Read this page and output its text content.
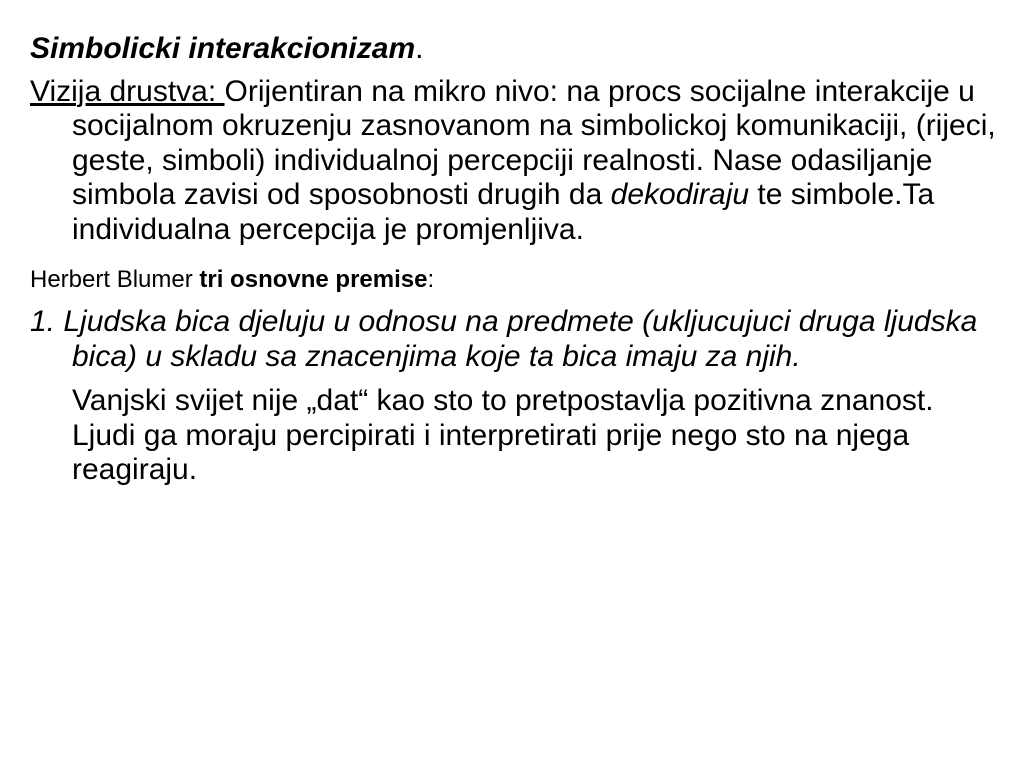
Simbolicki interakcionizam.

Vizija drustva: Orijentiran na mikro nivo: na procs socijalne interakcije u socijalnom okruzenju zasnovanom na simbolickoj komunikaciji, (rijeci, geste, simboli) individualnoj percepciji realnosti. Nase odasiljanje simbola zavisi od sposobnosti drugih da dekodiraju te simbole.Ta individualna percepcija je promjenljiva.

Herbert Blumer tri osnovne premise:

1. Ljudska bica djeluju u odnosu na predmete (ukljucujuci druga ljudska bica) u skladu sa znacenjima koje ta bica imaju za njih.

Vanjski svijet nije „dat“ kao sto to pretpostavlja pozitivna znanost. Ljudi ga moraju percipirati i interpretirati prije nego sto na njega reagiraju.
